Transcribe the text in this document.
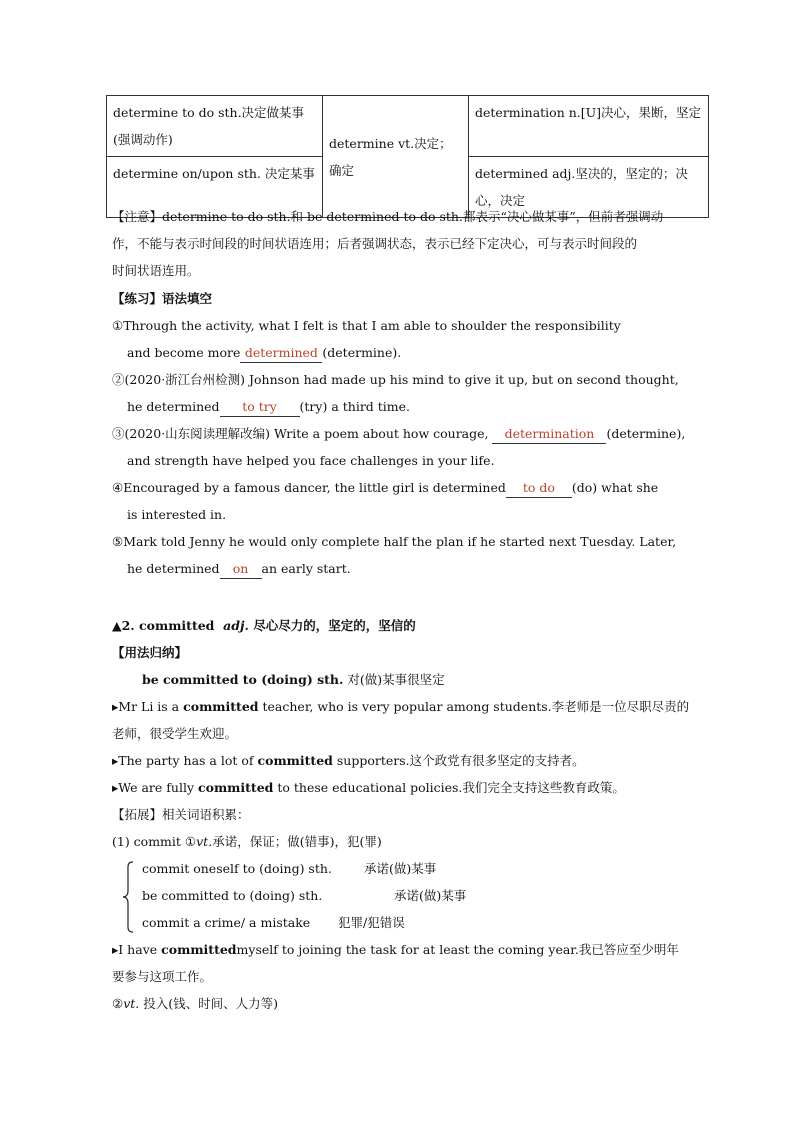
determine to do sth.决定做某事(强调动作)	determine vt.决定；确定	determination n.[U]决心，果断，坚定
determine on/upon sth. 决定某事		determined adj.坚决的，坚定的；决心，决定
【注意】determine to do sth.和 be determined to do sth.都表示“决心做某事”，但前者强调动
作，不能与表示时间段的时间状语连用；后者强调状态，表示已经下定决心，可与表示时间段的
时间状语连用。
【练习】语法填空
①Through the activity, what I felt is that I am able to shoulder the responsibility
and become more determined (determine).
②(2020·浙江台州检测) Johnson had made up his mind to give it up, but on second thought,
he determined to try (try) a third time.
③(2020·山东阅读理解改编) Write a poem about how courage, determination (determine),
and strength have helped you face challenges in your life.
④Encouraged by a famous dancer, the little girl is determined to do (do) what she
is interested in.
⑤Mark told Jenny he would only complete half the plan if he started next Tuesday. Later,
he determined on an early start.
▲2. committed adj. 尽心尽力的，坚定的，坚信的
【用法归纳】
be committed to (doing) sth. 对(做)某事很坚定
▸Mr Li is a committed teacher, who is very popular among students.李老师是一位尽职尽责的
老师，很受学生欢迎。
▸The party has a lot of committed supporters.这个政党有很多坚定的支持者。
▸We are fully committed to these educational policies.我们完全支持这些教育政策。
【拓展】相关词语积累：
(1) commit ①vt.承诺，保证；做(错事)，犯(罪)
commit oneself to (doing) sth.	承诺(做)某事
be committed to (doing) sth.	承诺(做)某事
commit a crime/ a mistake 犯罪/犯错误
▸I have committedmyself to joining the task for at least the coming year.我已答应至少明年
要参与这项工作。
②vt. 投入(钱、时间、人力等)
